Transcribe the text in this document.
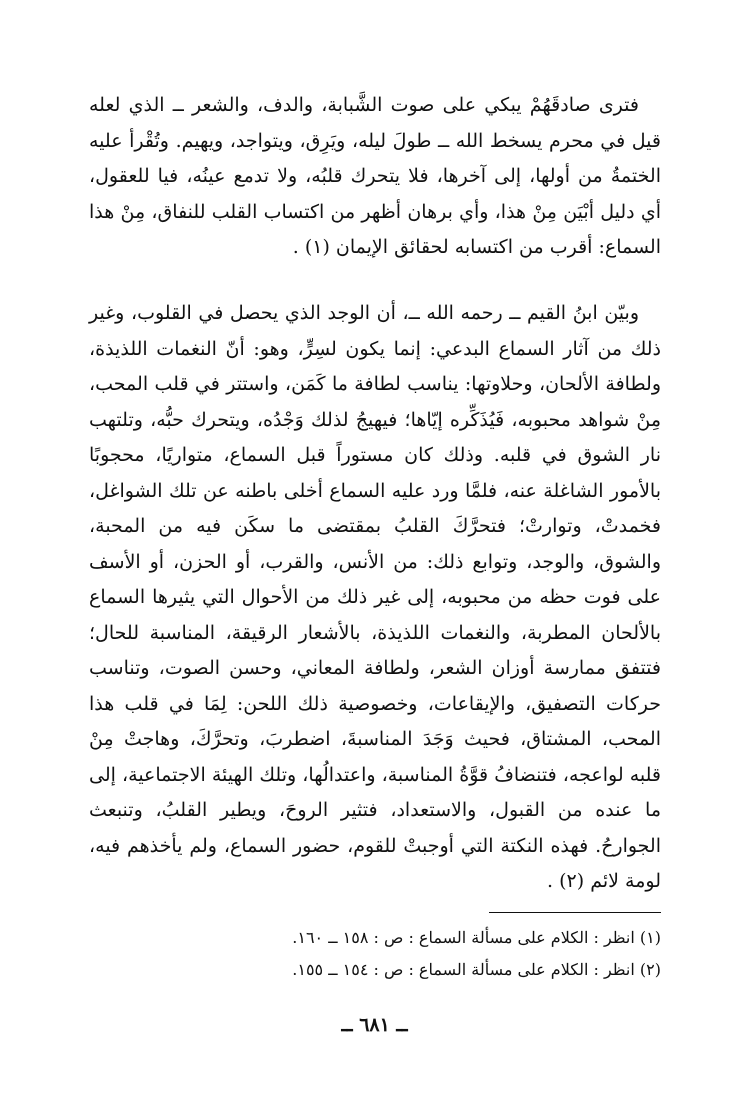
فترى صادقَهُمْ يبكي على صوت الشَّبابة، والدف، والشعر ــ الذي لعله قيل في محرم يسخط الله ــ طولَ ليله، ويَرِق، ويتواجد، ويهيم. وتُقْرأ عليه الختمةُ من أولها، إلى آخرها، فلا يتحرك قلبُه، ولا تدمع عينُه، فيا للعقول، أي دليل أبْيَن مِنْ هذا، وأي برهان أظهر من اكتساب القلب للنفاق، مِنْ هذا السماع: أقرب من اكتسابه لحقائق الإيمان (١) .

وبيّن ابنُ القيم ــ رحمه الله ــ، أن الوجد الذي يحصل في القلوب، وغير ذلك من آثار السماع البدعي: إنما يكون لسِرٍّ، وهو: أنّ النغمات اللذيذة، ولطافة الألحان، وحلاوتها: يناسب لطافة ما كَمَن، واستتر في قلب المحب، مِنْ شواهد محبوبه، فَيُذَكِّره إيّاها؛ فيهيجُ لذلك وَجْدُه، ويتحرك حبُّه، وتلتهب نار الشوق في قلبه. وذلك كان مستوراً قبل السماع، متواريًا، محجوبًا بالأمور الشاغلة عنه، فلمَّا ورد عليه السماع أخلى باطنه عن تلك الشواغل، فخمدتْ، وتوارتْ؛ فتحرَّكَ القلبُ بمقتضى ما سكَن فيه من المحبة، والشوق، والوجد، وتوابع ذلك: من الأنس، والقرب، أو الحزن، أو الأسف على فوت حظه من محبوبه، إلى غير ذلك من الأحوال التي يثيرها السماع بالألحان المطربة، والنغمات اللذيذة، بالأشعار الرقيقة، المناسبة للحال؛ فتتفق ممارسة أوزان الشعر، ولطافة المعاني، وحسن الصوت، وتناسب حركات التصفيق، والإيقاعات، وخصوصية ذلك اللحن: لِمَا في قلب هذا المحب، المشتاق، فحيث وَجَدَ المناسبةَ، اضطربَ، وتحرَّكَ، وهاجتْ مِنْ قلبه لواعجه، فتنضافُ قوَّةُ المناسبة، واعتدالُها، وتلك الهيئة الاجتماعية، إلى ما عنده من القبول، والاستعداد، فتثير الروحَ، ويطير القلبُ، وتنبعث الجوارحُ. فهذه النكتة التي أوجبتْ للقوم، حضور السماع، ولم يأخذهم فيه، لومة لائم (٢) .

(١) انظر : الكلام على مسألة السماع : ص : ١٥٨ ــ ١٦٠.

(٢) انظر : الكلام على مسألة السماع : ص : ١٥٤ ــ ١٥٥.

ــ ٦٨١ ــ
